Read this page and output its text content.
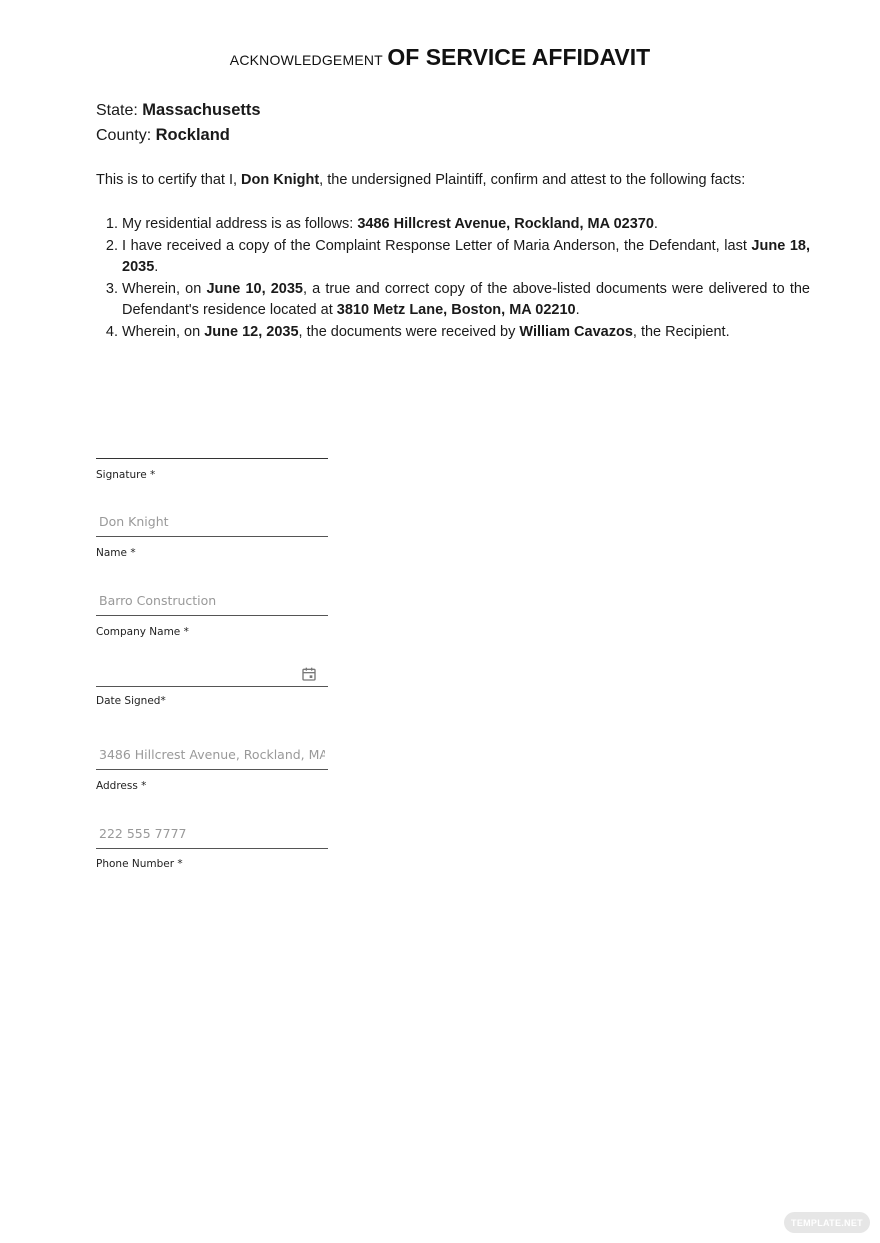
ACKNOWLEDGEMENT OF SERVICE AFFIDAVIT
State: Massachusetts
County: Rockland
This is to certify that I, Don Knight, the undersigned Plaintiff, confirm and attest to the following facts:
1. My residential address is as follows: 3486 Hillcrest Avenue, Rockland, MA 02370.
2. I have received a copy of the Complaint Response Letter of Maria Anderson, the Defendant, last June 18, 2035.
3. Wherein, on June 10, 2035, a true and correct copy of the above-listed documents were delivered to the Defendant's residence located at 3810 Metz Lane, Boston, MA 02210.
4. Wherein, on June 12, 2035, the documents were received by William Cavazos, the Recipient.
Signature *
Don Knight
Name *
Barro Construction
Company Name *
Date Signed*
3486 Hillcrest Avenue, Rockland, MA 02370
Address *
222 555 7777
Phone Number *
TEMPLATE.NET
